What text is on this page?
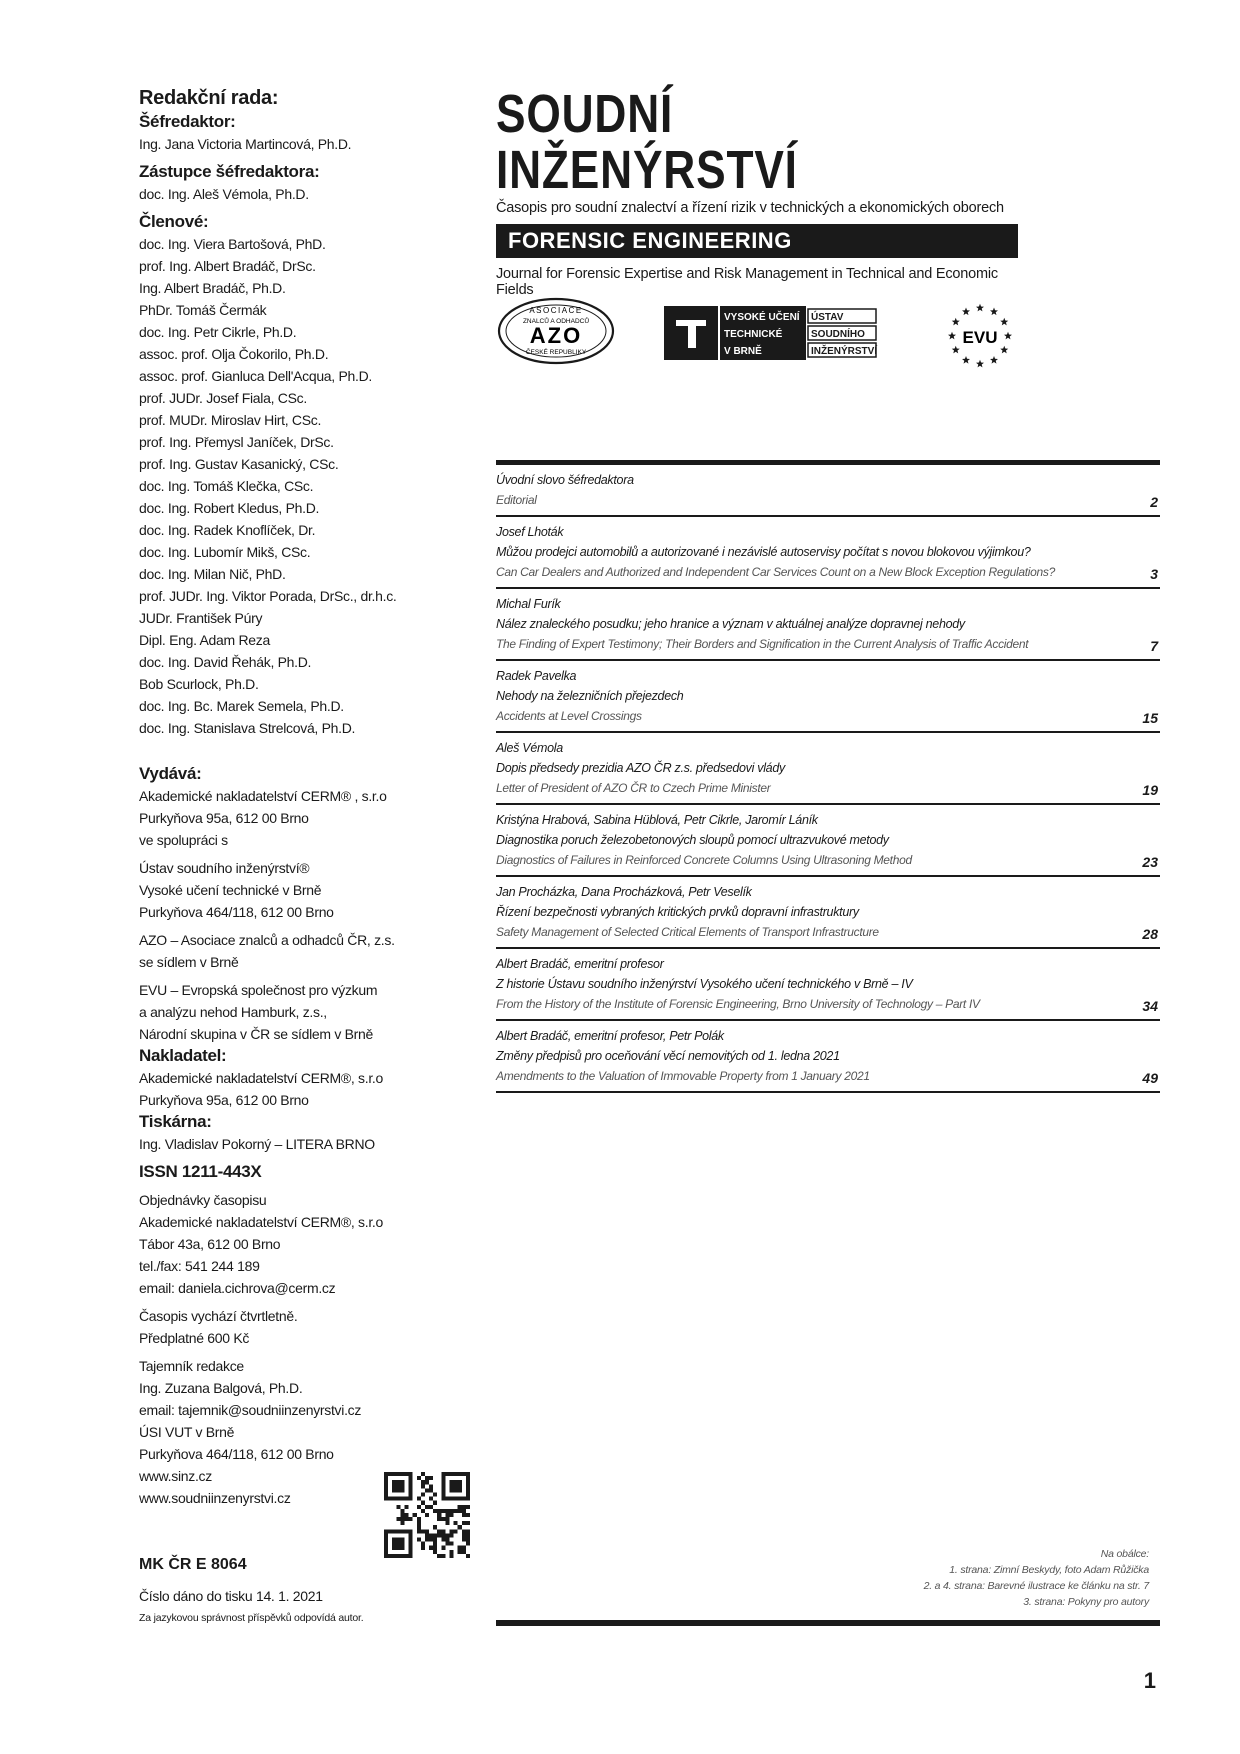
Redakční rada:

Šéfredaktor:

Ing. Jana Victoria Martincová, Ph.D.

Zástupce šéfredaktora:

doc. Ing. Aleš Vémola, Ph.D.

Členové:

doc. Ing. Viera Bartošová, PhD.

prof. Ing. Albert Bradáč, DrSc.

Ing. Albert Bradáč, Ph.D.

PhDr. Tomáš Čermák

doc. Ing. Petr Cikrle, Ph.D.

assoc. prof. Olja Čokorilo, Ph.D.

assoc. prof. Gianluca Dell'Acqua, Ph.D.

prof. JUDr. Josef Fiala, CSc.

prof. MUDr. Miroslav Hirt, CSc.

prof. Ing. Přemysl Janíček, DrSc.

prof. Ing. Gustav Kasanický, CSc.

doc. Ing. Tomáš Klečka, CSc.

doc. Ing. Robert Kledus, Ph.D.

doc. Ing. Radek Knoflíček, Dr.

doc. Ing. Lubomír Mikš, CSc.

doc. Ing. Milan Nič, PhD.

prof. JUDr. Ing. Viktor Porada, DrSc., dr.h.c.

JUDr. František Púry

Dipl. Eng. Adam Reza

doc. Ing. David Řehák, Ph.D.

Bob Scurlock, Ph.D.

doc. Ing. Bc. Marek Semela, Ph.D.

doc. Ing. Stanislava Strelcová, Ph.D.

Vydává:

Akademické nakladatelství CERM® , s.r.o

Purkyňova 95a, 612 00 Brno

ve spolupráci s

Ústav soudního inženýrství®

Vysoké učení technické v Brně

Purkyňova 464/118, 612 00 Brno

AZO – Asociace znalců a odhadců ČR, z.s.

se sídlem v Brně

EVU – Evropská společnost pro výzkum

a analýzu nehod Hamburk, z.s.,

Národní skupina v ČR se sídlem v Brně

Nakladatel:

Akademické nakladatelství CERM®, s.r.o

Purkyňova 95a, 612 00 Brno

Tiskárna:

Ing. Vladislav Pokorný – LITERA BRNO

ISSN 1211-443X

Objednávky časopisu

Akademické nakladatelství CERM®, s.r.o

Tábor 43a, 612 00 Brno

tel./fax: 541 244 189

email: daniela.cichrova@cerm.cz

Časopis vychází čtvrtletně.

Předplatné 600 Kč

Tajemník redakce

Ing. Zuzana Balgová, Ph.D.

email: tajemnik@soudniinzenyrstvi.cz

ÚSI VUT v Brně

Purkyňova 464/118, 612 00 Brno

www.sinz.cz

www.soudniinzenyrstvi.cz

SOUDNÍ

INŽENÝRSTVÍ

Časopis pro soudní znalectví a řízení rizik v technických a ekonomických oborech

FORENSIC ENGINEERING

Journal for Forensic Expertise and Risk Management in Technical and Economic Fields

ASOCIACE
ZNALCŮ A ODHADCŮ
AZO
ČESKÉ REPUBLIKY
VYSOKÉ UČENÍ
TECHNICKÉ
V BRNĚ
ÚSTAV
SOUDNÍHO
INŽENÝRSTVÍ
EVU

Úvodní slovo šéfredaktora

Editorial	2

Josef Lhoták

Můžou prodejci automobilů a autorizované i nezávislé autoservisy počítat s novou blokovou výjimkou?

Can Car Dealers and Authorized and Independent Car Services Count on a New Block Exception Regulations?	3

Michal Furík

Nález znaleckého posudku; jeho hranice a význam v aktuálnej analýze dopravnej nehody

The Finding of Expert Testimony; Their Borders and Signification in the Current Analysis of Traffic Accident	7

Radek Pavelka

Nehody na železničních přejezdech

Accidents at Level Crossings	15

Aleš Vémola

Dopis předsedy prezidia AZO ČR z.s. předsedovi vlády

Letter of President of AZO ČR to Czech Prime Minister	19

Kristýna Hrabová, Sabina Hüblová, Petr Cikrle, Jaromír Láník

Diagnostika poruch železobetonových sloupů pomocí ultrazvukové metody

Diagnostics of Failures in Reinforced Concrete Columns Using Ultrasoning Method	23

Jan Procházka, Dana Procházková, Petr Veselík

Řízení bezpečnosti vybraných kritických prvků dopravní infrastruktury

Safety Management of Selected Critical Elements of Transport Infrastructure	28

Albert Bradáč, emeritní profesor

Z historie Ústavu soudního inženýrství Vysokého učení technického v Brně – IV

From the History of the Institute of Forensic Engineering, Brno University of Technology – Part IV	34

Albert Bradáč, emeritní profesor, Petr Polák

Změny předpisů pro oceňování věcí nemovitých od 1. ledna 2021

Amendments to the Valuation of Immovable Property from 1 January 2021	49

Na obálce:

1. strana: Zimní Beskydy, foto Adam Růžička

2. a 4. strana: Barevné ilustrace ke článku na str. 7

3. strana: Pokyny pro autory

1

MK ČR E 8064

Číslo dáno do tisku 14. 1. 2021

Za jazykovou správnost příspěvků odpovídá autor.
